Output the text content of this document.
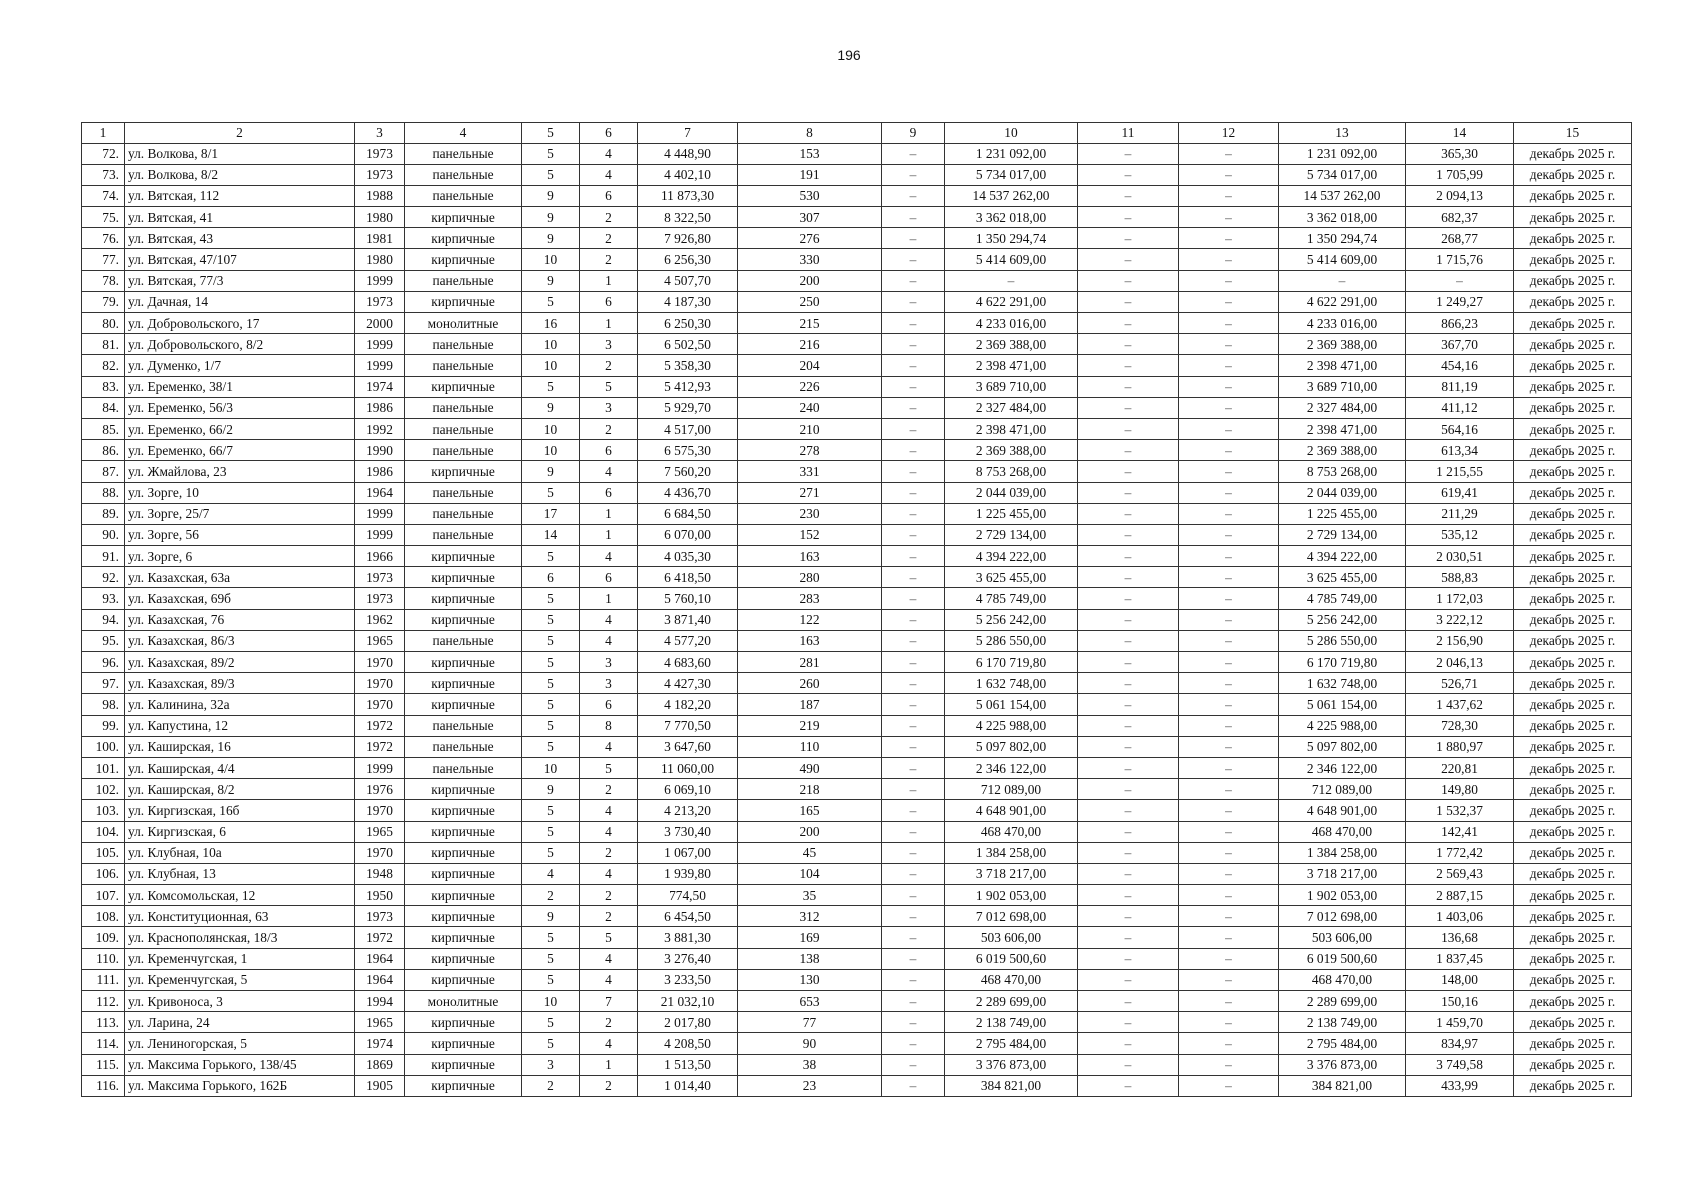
196
1	2	3	4	5	6	7	8	9	10	11	12	13	14	15
72.	ул. Волкова, 8/1	1973	панельные	5	4	4 448,90	153	–	1 231 092,00	–	–	1 231 092,00	365,30	декабрь 2025 г.
73.	ул. Волкова, 8/2	1973	панельные	5	4	4 402,10	191	–	5 734 017,00	–	–	5 734 017,00	1 705,99	декабрь 2025 г.
74.	ул. Вятская, 112	1988	панельные	9	6	11 873,30	530	–	14 537 262,00	–	–	14 537 262,00	2 094,13	декабрь 2025 г.
75.	ул. Вятская, 41	1980	кирпичные	9	2	8 322,50	307	–	3 362 018,00	–	–	3 362 018,00	682,37	декабрь 2025 г.
76.	ул. Вятская, 43	1981	кирпичные	9	2	7 926,80	276	–	1 350 294,74	–	–	1 350 294,74	268,77	декабрь 2025 г.
77.	ул. Вятская, 47/107	1980	кирпичные	10	2	6 256,30	330	–	5 414 609,00	–	–	5 414 609,00	1 715,76	декабрь 2025 г.
78.	ул. Вятская, 77/3	1999	панельные	9	1	4 507,70	200	–	–	–	–	–	–	декабрь 2025 г.
79.	ул. Дачная, 14	1973	кирпичные	5	6	4 187,30	250	–	4 622 291,00	–	–	4 622 291,00	1 249,27	декабрь 2025 г.
80.	ул. Добровольского, 17	2000	монолитные	16	1	6 250,30	215	–	4 233 016,00	–	–	4 233 016,00	866,23	декабрь 2025 г.
81.	ул. Добровольского, 8/2	1999	панельные	10	3	6 502,50	216	–	2 369 388,00	–	–	2 369 388,00	367,70	декабрь 2025 г.
82.	ул. Думенко, 1/7	1999	панельные	10	2	5 358,30	204	–	2 398 471,00	–	–	2 398 471,00	454,16	декабрь 2025 г.
83.	ул. Еременко, 38/1	1974	кирпичные	5	5	5 412,93	226	–	3 689 710,00	–	–	3 689 710,00	811,19	декабрь 2025 г.
84.	ул. Еременко, 56/3	1986	панельные	9	3	5 929,70	240	–	2 327 484,00	–	–	2 327 484,00	411,12	декабрь 2025 г.
85.	ул. Еременко, 66/2	1992	панельные	10	2	4 517,00	210	–	2 398 471,00	–	–	2 398 471,00	564,16	декабрь 2025 г.
86.	ул. Еременко, 66/7	1990	панельные	10	6	6 575,30	278	–	2 369 388,00	–	–	2 369 388,00	613,34	декабрь 2025 г.
87.	ул. Жмайлова, 23	1986	кирпичные	9	4	7 560,20	331	–	8 753 268,00	–	–	8 753 268,00	1 215,55	декабрь 2025 г.
88.	ул. Зорге, 10	1964	панельные	5	6	4 436,70	271	–	2 044 039,00	–	–	2 044 039,00	619,41	декабрь 2025 г.
89.	ул. Зорге, 25/7	1999	панельные	17	1	6 684,50	230	–	1 225 455,00	–	–	1 225 455,00	211,29	декабрь 2025 г.
90.	ул. Зорге, 56	1999	панельные	14	1	6 070,00	152	–	2 729 134,00	–	–	2 729 134,00	535,12	декабрь 2025 г.
91.	ул. Зорге, 6	1966	кирпичные	5	4	4 035,30	163	–	4 394 222,00	–	–	4 394 222,00	2 030,51	декабрь 2025 г.
92.	ул. Казахская, 63а	1973	кирпичные	6	6	6 418,50	280	–	3 625 455,00	–	–	3 625 455,00	588,83	декабрь 2025 г.
93.	ул. Казахская, 69б	1973	кирпичные	5	1	5 760,10	283	–	4 785 749,00	–	–	4 785 749,00	1 172,03	декабрь 2025 г.
94.	ул. Казахская, 76	1962	кирпичные	5	4	3 871,40	122	–	5 256 242,00	–	–	5 256 242,00	3 222,12	декабрь 2025 г.
95.	ул. Казахская, 86/3	1965	панельные	5	4	4 577,20	163	–	5 286 550,00	–	–	5 286 550,00	2 156,90	декабрь 2025 г.
96.	ул. Казахская, 89/2	1970	кирпичные	5	3	4 683,60	281	–	6 170 719,80	–	–	6 170 719,80	2 046,13	декабрь 2025 г.
97.	ул. Казахская, 89/3	1970	кирпичные	5	3	4 427,30	260	–	1 632 748,00	–	–	1 632 748,00	526,71	декабрь 2025 г.
98.	ул. Калинина, 32а	1970	кирпичные	5	6	4 182,20	187	–	5 061 154,00	–	–	5 061 154,00	1 437,62	декабрь 2025 г.
99.	ул. Капустина, 12	1972	панельные	5	8	7 770,50	219	–	4 225 988,00	–	–	4 225 988,00	728,30	декабрь 2025 г.
100.	ул. Каширская, 16	1972	панельные	5	4	3 647,60	110	–	5 097 802,00	–	–	5 097 802,00	1 880,97	декабрь 2025 г.
101.	ул. Каширская, 4/4	1999	панельные	10	5	11 060,00	490	–	2 346 122,00	–	–	2 346 122,00	220,81	декабрь 2025 г.
102.	ул. Каширская, 8/2	1976	кирпичные	9	2	6 069,10	218	–	712 089,00	–	–	712 089,00	149,80	декабрь 2025 г.
103.	ул. Киргизская, 16б	1970	кирпичные	5	4	4 213,20	165	–	4 648 901,00	–	–	4 648 901,00	1 532,37	декабрь 2025 г.
104.	ул. Киргизская, 6	1965	кирпичные	5	4	3 730,40	200	–	468 470,00	–	–	468 470,00	142,41	декабрь 2025 г.
105.	ул. Клубная, 10а	1970	кирпичные	5	2	1 067,00	45	–	1 384 258,00	–	–	1 384 258,00	1 772,42	декабрь 2025 г.
106.	ул. Клубная, 13	1948	кирпичные	4	4	1 939,80	104	–	3 718 217,00	–	–	3 718 217,00	2 569,43	декабрь 2025 г.
107.	ул. Комсомольская, 12	1950	кирпичные	2	2	774,50	35	–	1 902 053,00	–	–	1 902 053,00	2 887,15	декабрь 2025 г.
108.	ул. Конституционная, 63	1973	кирпичные	9	2	6 454,50	312	–	7 012 698,00	–	–	7 012 698,00	1 403,06	декабрь 2025 г.
109.	ул. Краснополянская, 18/3	1972	кирпичные	5	5	3 881,30	169	–	503 606,00	–	–	503 606,00	136,68	декабрь 2025 г.
110.	ул. Кременчугская, 1	1964	кирпичные	5	4	3 276,40	138	–	6 019 500,60	–	–	6 019 500,60	1 837,45	декабрь 2025 г.
111.	ул. Кременчугская, 5	1964	кирпичные	5	4	3 233,50	130	–	468 470,00	–	–	468 470,00	148,00	декабрь 2025 г.
112.	ул. Кривоноса, 3	1994	монолитные	10	7	21 032,10	653	–	2 289 699,00	–	–	2 289 699,00	150,16	декабрь 2025 г.
113.	ул. Ларина, 24	1965	кирпичные	5	2	2 017,80	77	–	2 138 749,00	–	–	2 138 749,00	1 459,70	декабрь 2025 г.
114.	ул. Лениногорская, 5	1974	кирпичные	5	4	4 208,50	90	–	2 795 484,00	–	–	2 795 484,00	834,97	декабрь 2025 г.
115.	ул. Максима Горького, 138/45	1869	кирпичные	3	1	1 513,50	38	–	3 376 873,00	–	–	3 376 873,00	3 749,58	декабрь 2025 г.
116.	ул. Максима Горького, 162Б	1905	кирпичные	2	2	1 014,40	23	–	384 821,00	–	–	384 821,00	433,99	декабрь 2025 г.
